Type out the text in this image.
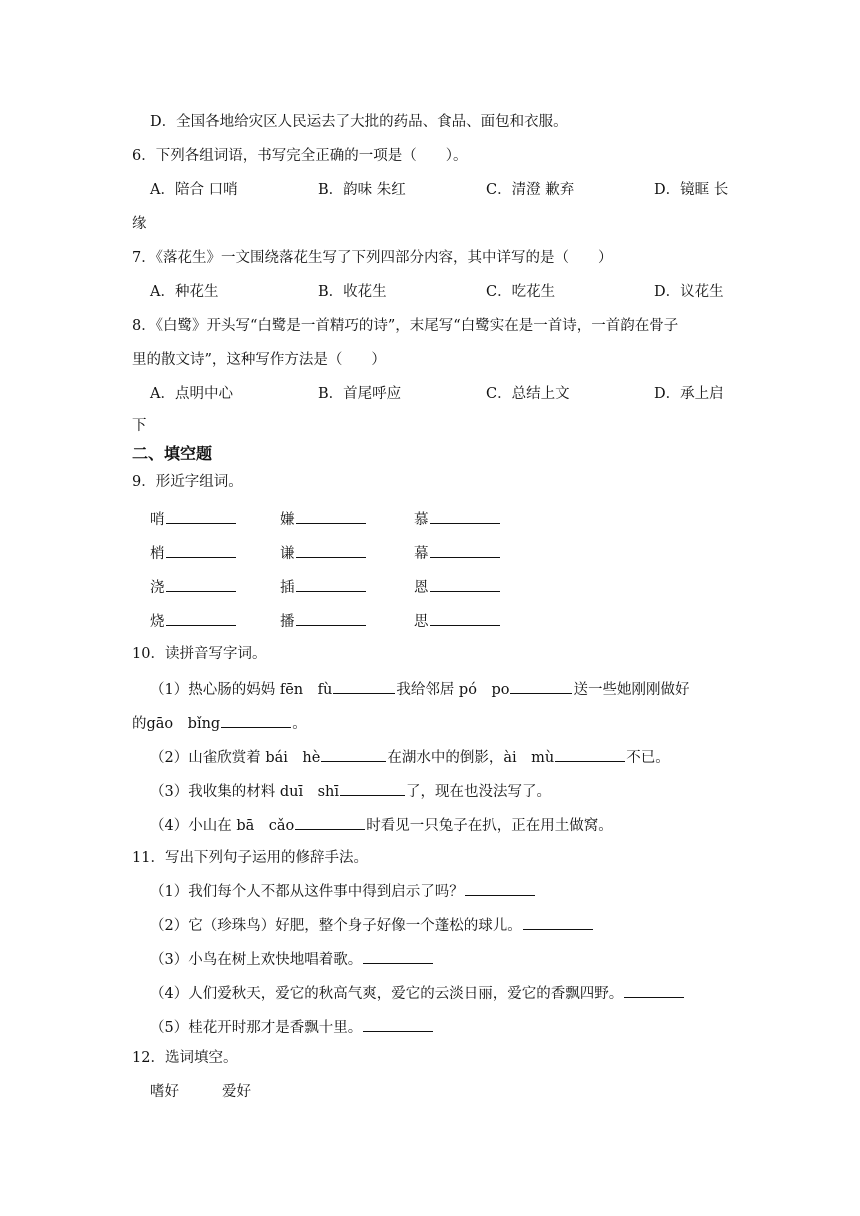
D．全国各地给灾区人民运去了大批的药品、食品、面包和衣服。
6．下列各组词语，书写完全正确的一项是（　　）。
A．陪合 口哨	B．韵味 朱红	C．清澄 歉弃	D．镜眶 长
缘
7．《落花生》一文围绕落花生写了下列四部分内容，其中详写的是（　　）
A．种花生	B．收花生	C．吃花生	D．议花生
8．《白鹭》开头写“白鹭是一首精巧的诗”，末尾写“白鹭实在是一首诗，一首韵在骨子
里的散文诗”，这种写作方法是（　　）
A．点明中心	B．首尾呼应	C．总结上文	D．承上启
下
二、填空题
9．形近字组词。
哨	嫌	慕
梢	谦	幕
浇	插	恩
烧	播	思
10．读拼音写字词。
（1）热心肠的妈妈 fēn　fù	我给邻居 pó　po	送一些她刚刚做好
的gāo　bǐng	。
（2）山雀欣赏着 bái　hè	在湖水中的倒影，ài　mù	不已。
（3）我收集的材料 duī　shī	了，现在也没法写了。
（4）小山在 bā　cǎo	时看见一只兔子在扒，正在用土做窝。
11．写出下列句子运用的修辞手法。
（1）我们每个人不都从这件事中得到启示了吗？
（2）它（珍珠鸟）好肥，整个身子好像一个蓬松的球儿。
（3）小鸟在树上欢快地唱着歌。
（4）人们爱秋天，爱它的秋高气爽，爱它的云淡日丽，爱它的香飘四野。
（5）桂花开时那才是香飘十里。
12．选词填空。
嗜好	爱好
